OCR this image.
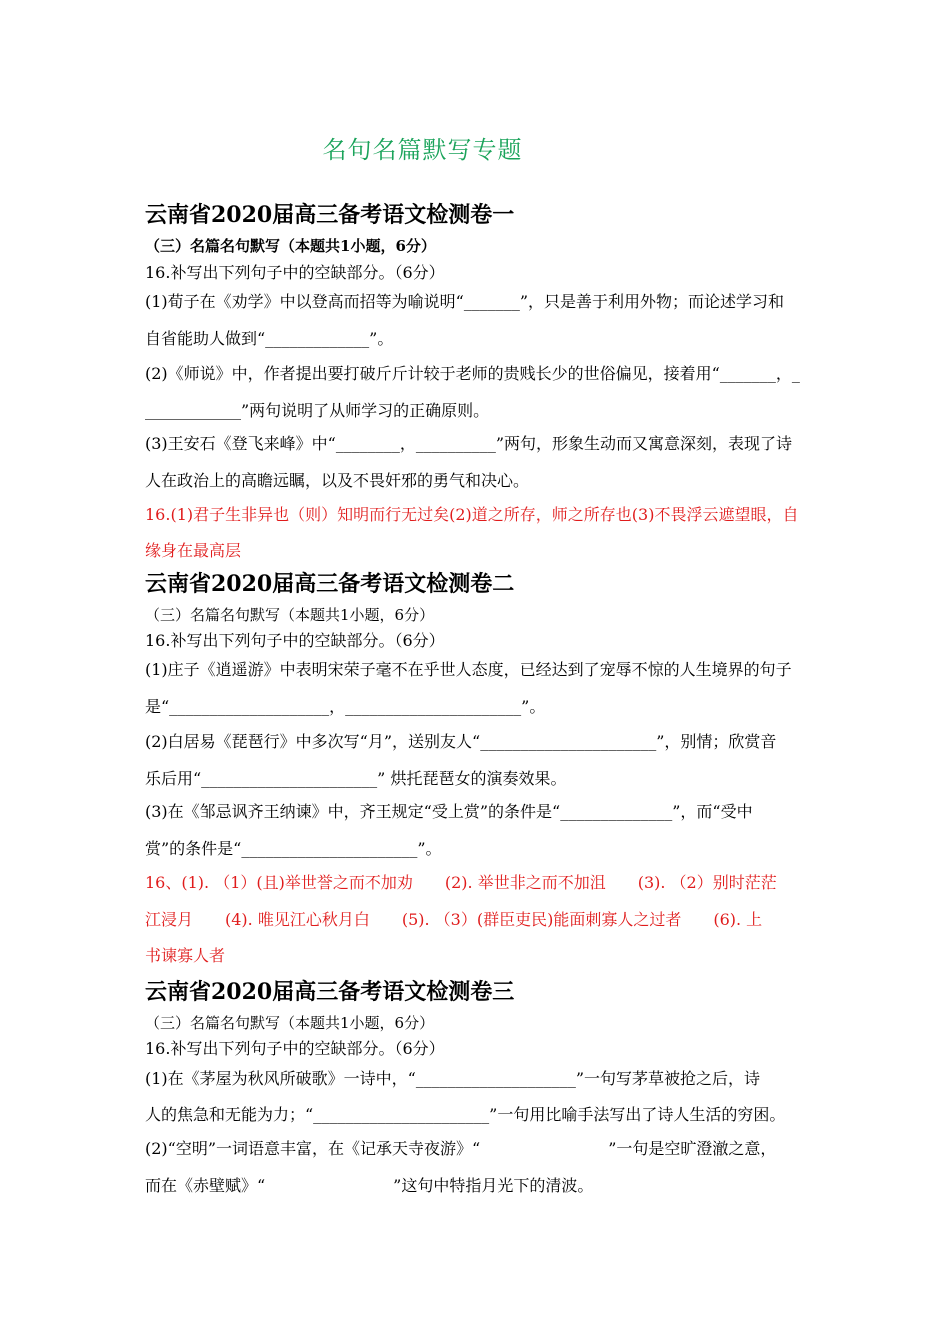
名句名篇默写专题
云南省2020届高三备考语文检测卷一
（三）名篇名句默写（本题共1小题，6分）
16.补写出下列句子中的空缺部分。（6分）
(1)荀子在《劝学》中以登高而招等为喻说明“_______”，只是善于利用外物；而论述学习和
自省能助人做到“_____________”。
(2)《师说》中，作者提出要打破斤斤计较于老师的贵贱长少的世俗偏见，接着用“_______，_
____________”两句说明了从师学习的正确原则。
(3)王安石《登飞来峰》中“________，__________”两句，形象生动而又寓意深刻，表现了诗
人在政治上的高瞻远瞩，以及不畏奸邪的勇气和决心。
16.(1)君子生非异也（则）知明而行无过矣(2)道之所存，师之所存也(3)不畏浮云遮望眼，自
缘身在最高层
云南省2020届高三备考语文检测卷二
（三）名篇名句默写（本题共1小题，6分）
16.补写出下列句子中的空缺部分。（6分）
(1)庄子《逍遥游》中表明宋荣子毫不在乎世人态度，已经达到了宠辱不惊的人生境界的句子
是“____________________，______________________”。
(2)白居易《琵琶行》中多次写“月”，送别友人“______________________”，别情；欣赏音
乐后用“______________________” 烘托琵琶女的演奏效果。
(3)在《邹忌讽齐王纳谏》中，齐王规定“受上赏”的条件是“______________”，而“受中
赏”的条件是“______________________”。
16、(1). （1）(且)举世誉之而不加劝　　(2). 举世非之而不加沮　　(3). （2）别时茫茫
江浸月　　(4). 唯见江心秋月白　　(5). （3）(群臣吏民)能面刺寡人之过者　　(6). 上
书谏寡人者
云南省2020届高三备考语文检测卷三
（三）名篇名句默写（本题共1小题，6分）
16.补写出下列句子中的空缺部分。（6分）
(1)在《茅屋为秋风所破歌》一诗中，“____________________”一句写茅草被抢之后，诗
人的焦急和无能为力；“______________________”一句用比喻手法写出了诗人生活的穷困。
(2)“空明”一词语意丰富，在《记承天寺夜游》“　　　　　　　　”一句是空旷澄澈之意，
而在《赤壁赋》“　　　　　　　　”这句中特指月光下的清波。
